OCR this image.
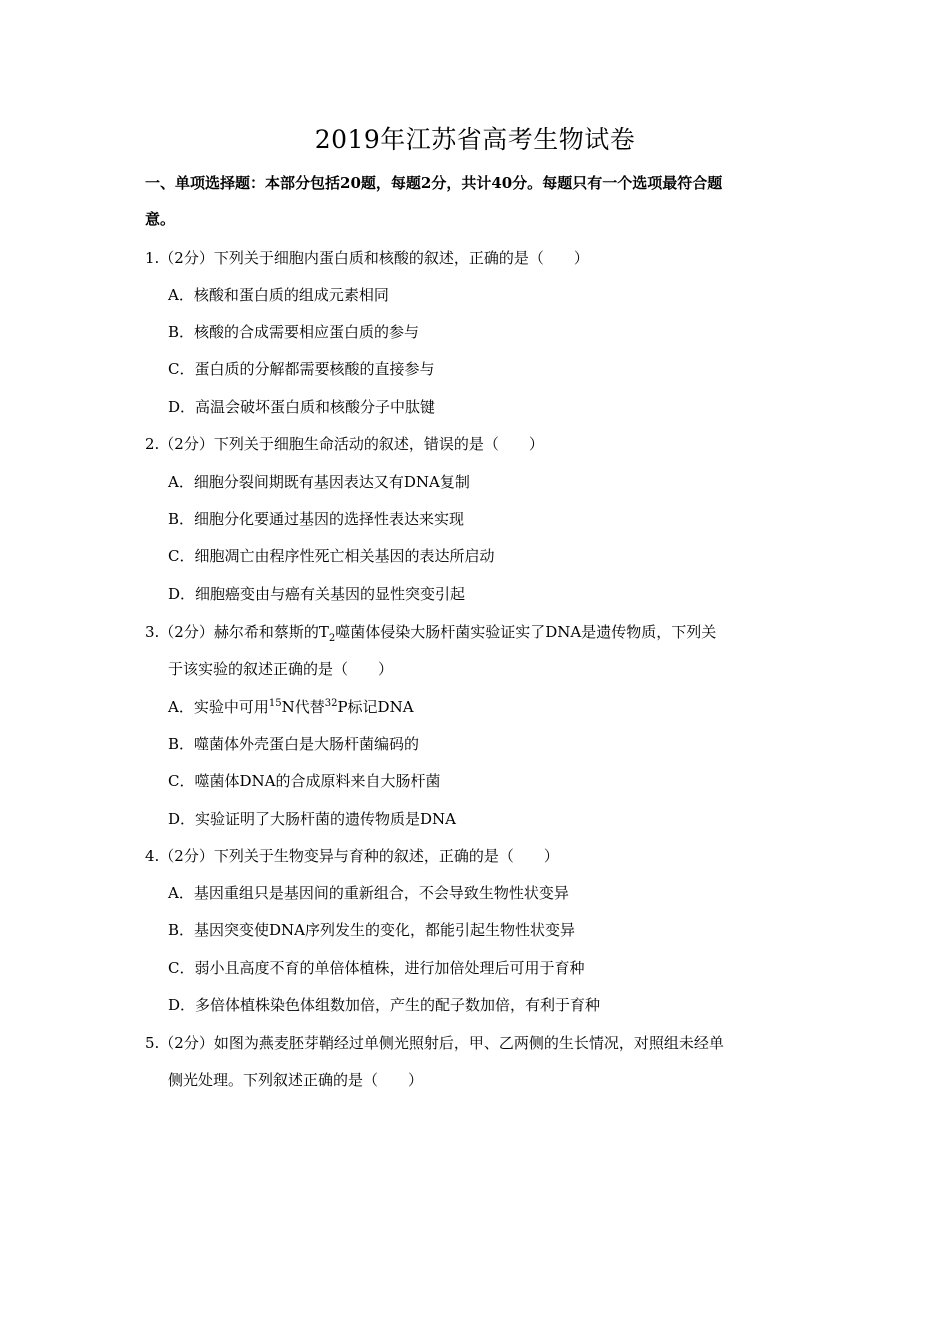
2019年江苏省高考生物试卷
一、单项选择题：本部分包括20题，每题2分，共计40分。每题只有一个选项最符合题
意。
1.（2分）下列关于细胞内蛋白质和核酸的叙述，正确的是（　　）
A．核酸和蛋白质的组成元素相同
B．核酸的合成需要相应蛋白质的参与
C．蛋白质的分解都需要核酸的直接参与
D．高温会破坏蛋白质和核酸分子中肽键
2.（2分）下列关于细胞生命活动的叙述，错误的是（　　）
A．细胞分裂间期既有基因表达又有DNA复制
B．细胞分化要通过基因的选择性表达来实现
C．细胞凋亡由程序性死亡相关基因的表达所启动
D．细胞癌变由与癌有关基因的显性突变引起
3.（2分）赫尔希和蔡斯的$T_2$噬菌体侵染大肠杆菌实验证实了DNA是遗传物质，下列关
于该实验的叙述正确的是（　　）
A．实验中可用$^{15}$N代替$^{32}$P标记DNA
B．噬菌体外壳蛋白是大肠杆菌编码的
C．噬菌体DNA的合成原料来自大肠杆菌
D．实验证明了大肠杆菌的遗传物质是DNA
4.（2分）下列关于生物变异与育种的叙述，正确的是（　　）
A．基因重组只是基因间的重新组合，不会导致生物性状变异
B．基因突变使DNA序列发生的变化，都能引起生物性状变异
C．弱小且高度不育的单倍体植株，进行加倍处理后可用于育种
D．多倍体植株染色体组数加倍，产生的配子数加倍，有利于育种
5.（2分）如图为燕麦胚芽鞘经过单侧光照射后，甲、乙两侧的生长情况，对照组未经单
侧光处理。下列叙述正确的是（　　）
